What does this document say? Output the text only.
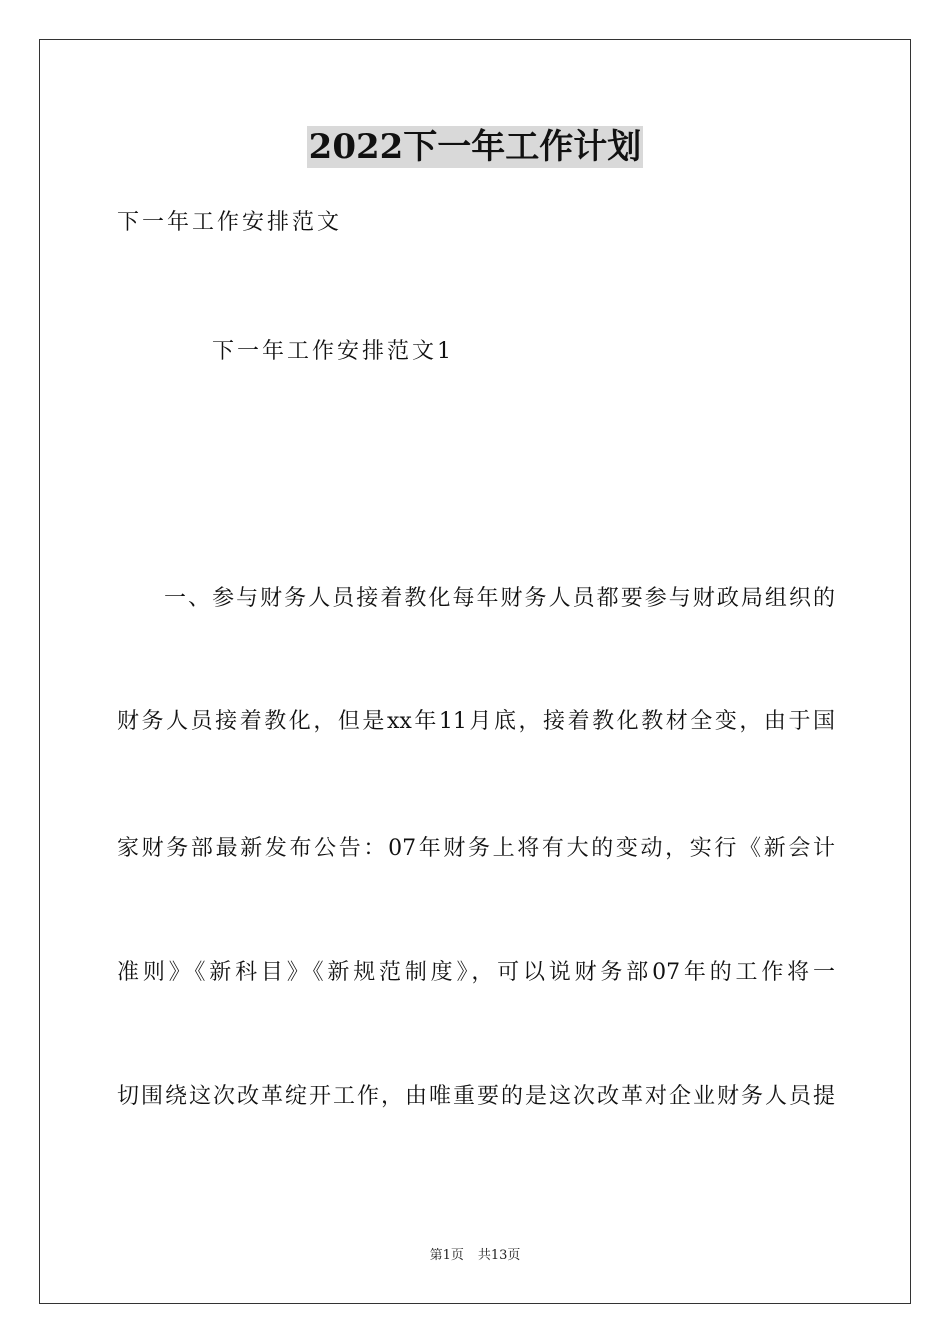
2022下一年工作计划
下一年工作安排范文
下一年工作安排范文1
一、参与财务人员接着教化每年财务人员都要参与财政局组织的
财务人员接着教化，但是xx年11月底，接着教化教材全变，由于国
家财务部最新发布公告：07年财务上将有大的变动，实行《新会计
准则》《新科目》《新规范制度》，可以说财务部07年的工作将一
切围绕这次改革绽开工作，由唯重要的是这次改革对企业财务人员提
第1页 共13页
